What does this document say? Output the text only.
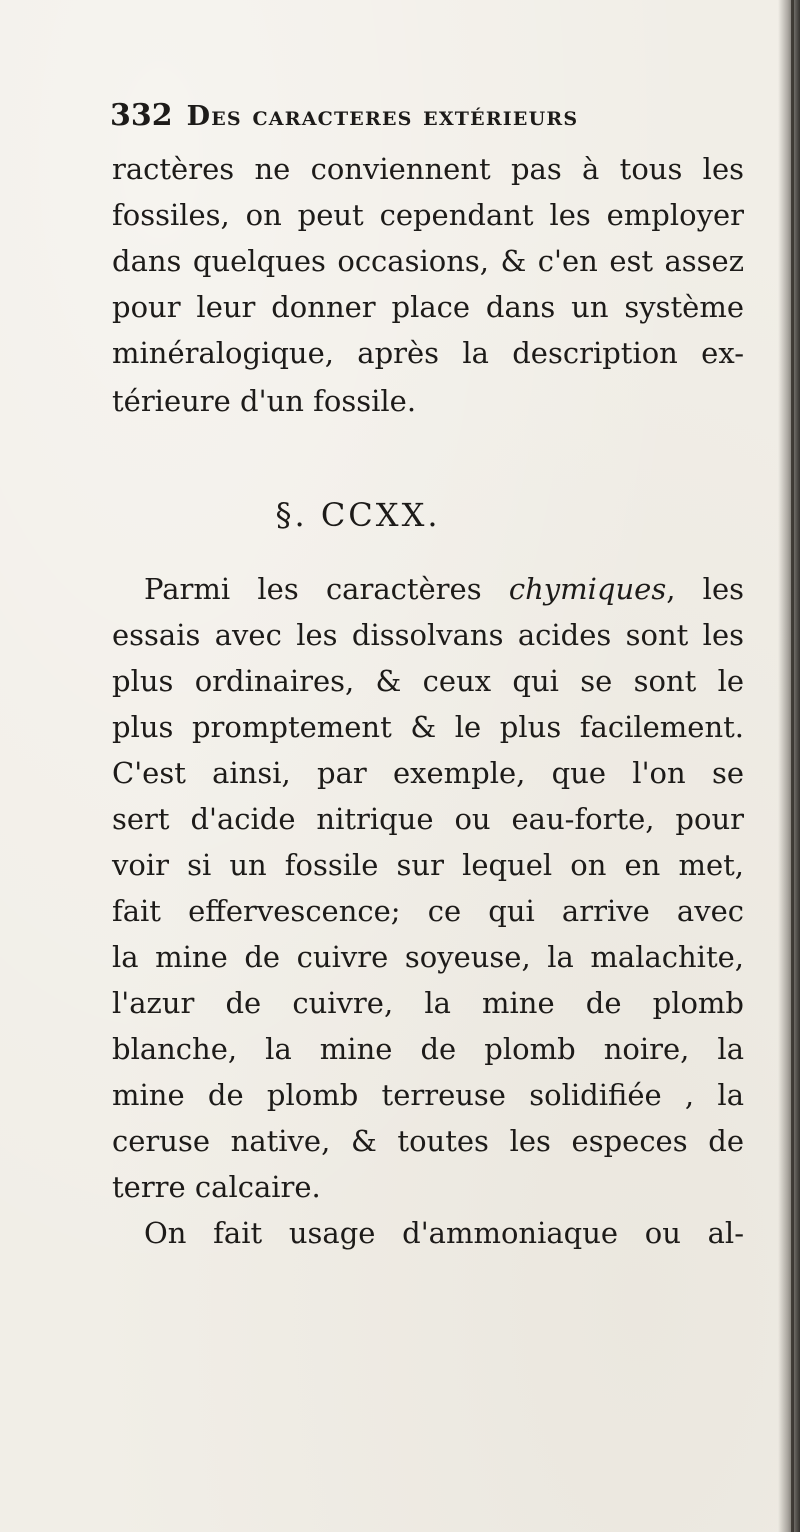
332 Des caracteres extérieurs
ractères ne conviennent pas à tous les
fossiles, on peut cependant les employer
dans quelques occasions, & c'en est assez
pour leur donner place dans un système
minéralogique, après la description ex-
térieure d'un fossile.
§. CCXX.
Parmi les caractères chymiques, les
essais avec les dissolvans acides sont les
plus ordinaires, & ceux qui se sont le
plus promptement & le plus facilement.
C'est ainsi, par exemple, que l'on se
sert d'acide nitrique ou eau-forte, pour
voir si un fossile sur lequel on en met,
fait effervescence; ce qui arrive avec
la mine de cuivre soyeuse, la malachite,
l'azur de cuivre, la mine de plomb
blanche, la mine de plomb noire, la
mine de plomb terreuse solidifiée , la
ceruse native, & toutes les especes de
terre calcaire.
On fait usage d'ammoniaque ou al-
